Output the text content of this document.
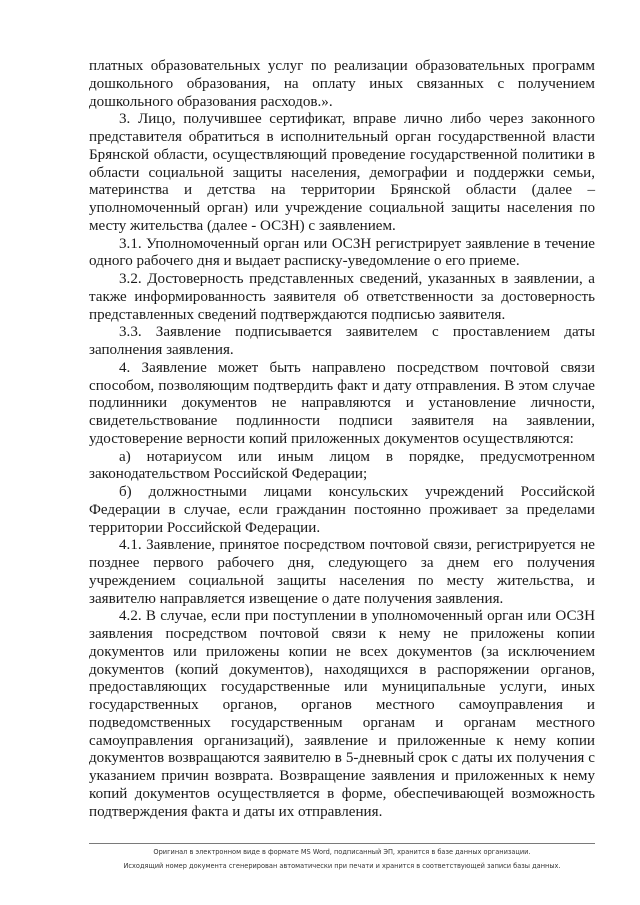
платных образовательных услуг по реализации образовательных программ дошкольного образования, на оплату иных связанных с получением дошкольного образования расходов.».

3. Лицо, получившее сертификат, вправе лично либо через законного представителя обратиться в исполнительный орган государственной власти Брянской области, осуществляющий проведение государственной политики в области социальной защиты населения, демографии и поддержки семьи, материнства и детства на территории Брянской области (далее – уполномоченный орган) или учреждение социальной защиты населения по месту жительства (далее - ОСЗН) с заявлением.

3.1. Уполномоченный орган или ОСЗН регистрирует заявление в течение одного рабочего дня и выдает расписку-уведомление о его приеме.

3.2. Достоверность представленных сведений, указанных в заявлении, а также информированность заявителя об ответственности за достоверность представленных сведений подтверждаются подписью заявителя.

3.3. Заявление подписывается заявителем с проставлением даты заполнения заявления.

4. Заявление может быть направлено посредством почтовой связи способом, позволяющим подтвердить факт и дату отправления. В этом случае подлинники документов не направляются и установление личности, свидетельствование подлинности подписи заявителя на заявлении, удостоверение верности копий приложенных документов осуществляются:

а) нотариусом или иным лицом в порядке, предусмотренном законодательством Российской Федерации;

б) должностными лицами консульских учреждений Российской Федерации в случае, если гражданин постоянно проживает за пределами территории Российской Федерации.

4.1. Заявление, принятое посредством почтовой связи, регистрируется не позднее первого рабочего дня, следующего за днем его получения учреждением социальной защиты населения по месту жительства, и заявителю направляется извещение о дате получения заявления.

4.2. В случае, если при поступлении в уполномоченный орган или ОСЗН заявления посредством почтовой связи к нему не приложены копии документов или приложены копии не всех документов (за исключением документов (копий документов), находящихся в распоряжении органов, предоставляющих государственные или муниципальные услуги, иных государственных органов, органов местного самоуправления и подведомственных государственным органам и органам местного самоуправления организаций), заявление и приложенные к нему копии документов возвращаются заявителю в 5-дневный срок с даты их получения с указанием причин возврата. Возвращение заявления и приложенных к нему копий документов осуществляется в форме, обеспечивающей возможность подтверждения факта и даты их отправления.

Оригинал в электронном виде в формате MS Word, подписанный ЭП, хранится в базе данных организации.
Исходящий номер документа сгенерирован автоматически при печати и хранится в соответствующей записи базы данных.
